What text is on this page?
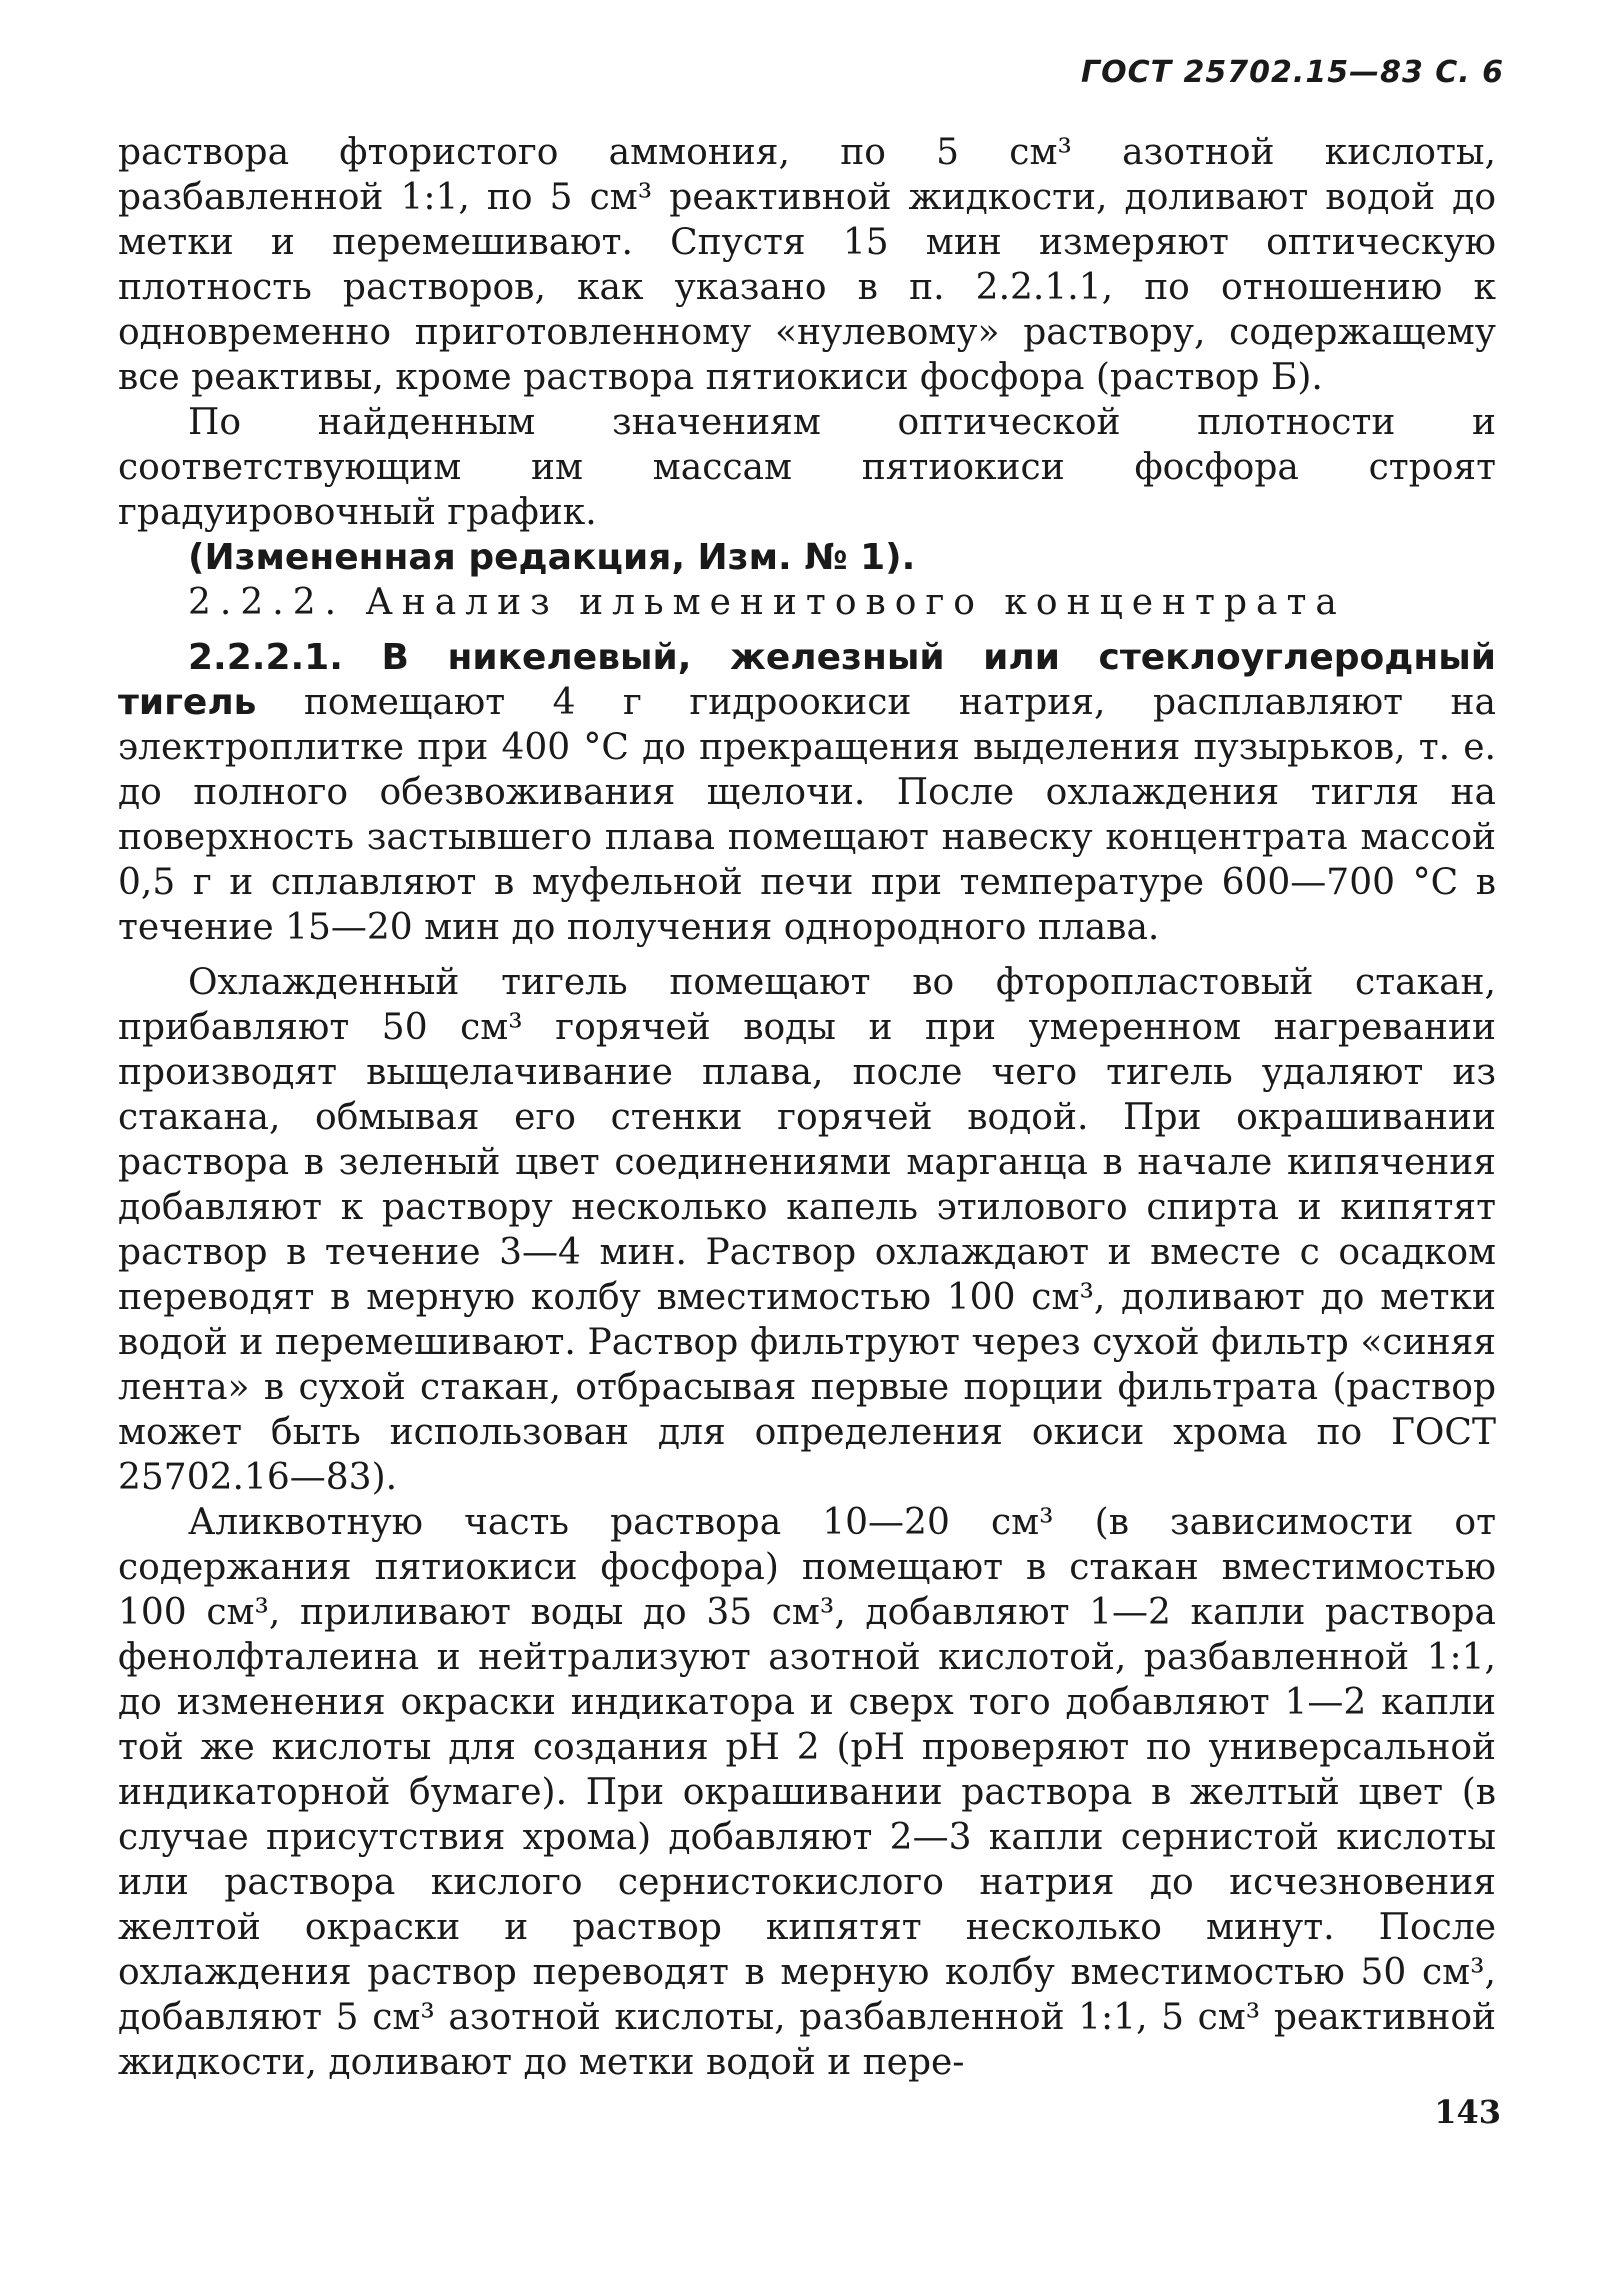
ГОСТ 25702.15—83 С. 6

раствора фтористого аммония, по 5 см³ азотной кислоты, разбавленной 1:1, по 5 см³ реактивной жидкости, доливают водой до метки и перемешивают. Спустя 15 мин измеряют оптическую плотность растворов, как указано в п. 2.2.1.1, по отношению к одновременно приготовленному «нулевому» раствору, содержащему все реактивы, кроме раствора пятиокиси фосфора (раствор Б).

По найденным значениям оптической плотности и соответствующим им массам пятиокиси фосфора строят градуировочный график.

(Измененная редакция, Изм. № 1).

2.2.2. Анализ ильменитового концентрата

2.2.2.1. В никелевый, железный или стеклоуглеродный тигель помещают 4 г гидроокиси натрия, расплавляют на электроплитке при 400 °С до прекращения выделения пузырьков, т. е. до полного обезвоживания щелочи. После охлаждения тигля на поверхность застывшего плава помещают навеску концентрата массой 0,5 г и сплавляют в муфельной печи при температуре 600—700 °С в течение 15—20 мин до получения однородного плава.

Охлажденный тигель помещают во фторопластовый стакан, прибавляют 50 см³ горячей воды и при умеренном нагревании производят выщелачивание плава, после чего тигель удаляют из стакана, обмывая его стенки горячей водой. При окрашивании раствора в зеленый цвет соединениями марганца в начале кипячения добавляют к раствору несколько капель этилового спирта и кипятят раствор в течение 3—4 мин. Раствор охлаждают и вместе с осадком переводят в мерную колбу вместимостью 100 см³, доливают до метки водой и перемешивают. Раствор фильтруют через сухой фильтр «синяя лента» в сухой стакан, отбрасывая первые порции фильтрата (раствор может быть использован для определения окиси хрома по ГОСТ 25702.16—83).

Аликвотную часть раствора 10—20 см³ (в зависимости от содержания пятиокиси фосфора) помещают в стакан вместимостью 100 см³, приливают воды до 35 см³, добавляют 1—2 капли раствора фенолфталеина и нейтрализуют азотной кислотой, разбавленной 1:1, до изменения окраски индикатора и сверх того добавляют 1—2 капли той же кислоты для создания pH 2 (pH проверяют по универсальной индикаторной бумаге). При окрашивании раствора в желтый цвет (в случае присутствия хрома) добавляют 2—3 капли сернистой кислоты или раствора кислого сернистокислого натрия до исчезновения желтой окраски и раствор кипятят несколько минут. После охлаждения раствор переводят в мерную колбу вместимостью 50 см³, добавляют 5 см³ азотной кислоты, разбавленной 1:1, 5 см³ реактивной жидкости, доливают до метки водой и пере-

143
